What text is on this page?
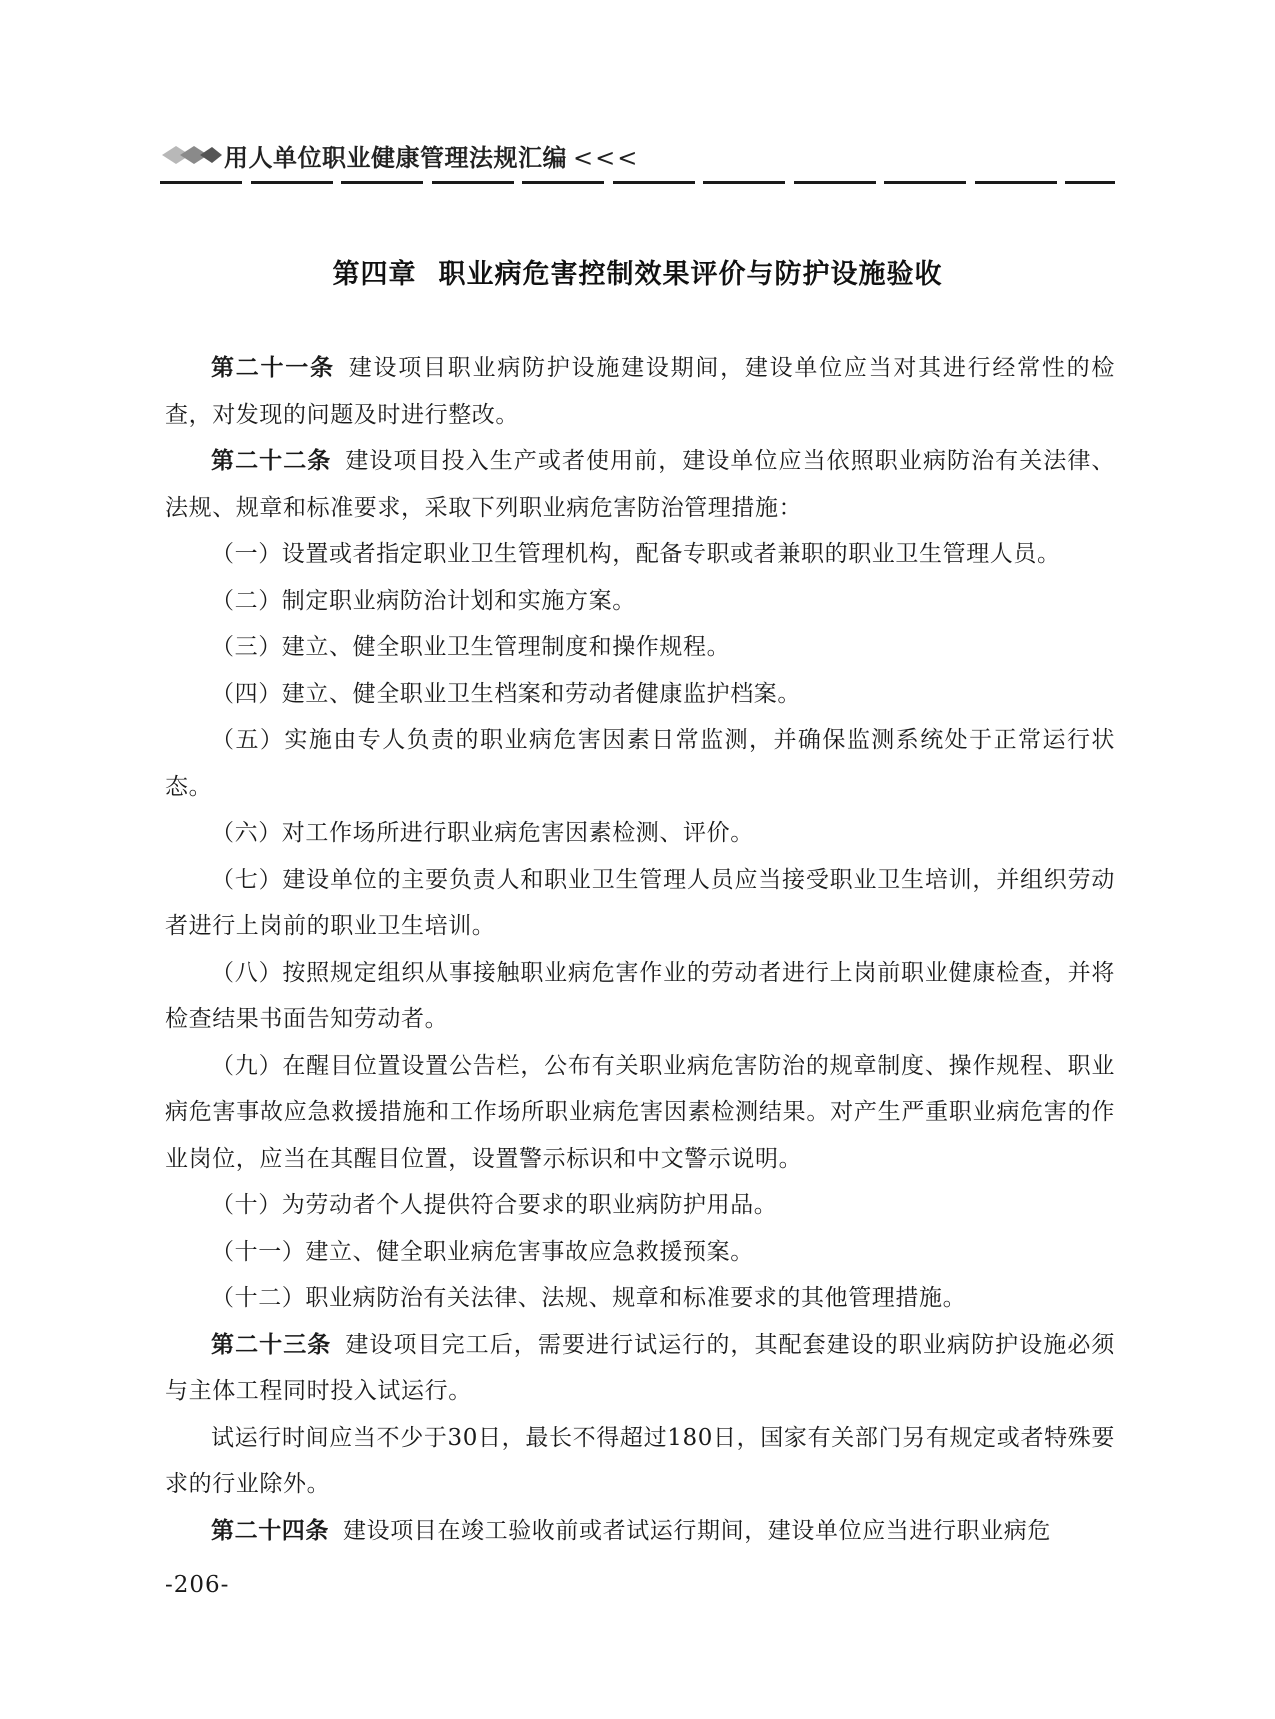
用人单位职业健康管理法规汇编 <<<
第四章 职业病危害控制效果评价与防护设施验收

第二十一条 建设项目职业病防护设施建设期间，建设单位应当对其进行经常性的检查，对发现的问题及时进行整改。

第二十二条 建设项目投入生产或者使用前，建设单位应当依照职业病防治有关法律、法规、规章和标准要求，采取下列职业病危害防治管理措施：

（一）设置或者指定职业卫生管理机构，配备专职或者兼职的职业卫生管理人员。

（二）制定职业病防治计划和实施方案。

（三）建立、健全职业卫生管理制度和操作规程。

（四）建立、健全职业卫生档案和劳动者健康监护档案。

（五）实施由专人负责的职业病危害因素日常监测，并确保监测系统处于正常运行状态。

（六）对工作场所进行职业病危害因素检测、评价。

（七）建设单位的主要负责人和职业卫生管理人员应当接受职业卫生培训，并组织劳动者进行上岗前的职业卫生培训。

（八）按照规定组织从事接触职业病危害作业的劳动者进行上岗前职业健康检查，并将检查结果书面告知劳动者。

（九）在醒目位置设置公告栏，公布有关职业病危害防治的规章制度、操作规程、职业病危害事故应急救援措施和工作场所职业病危害因素检测结果。对产生严重职业病危害的作业岗位，应当在其醒目位置，设置警示标识和中文警示说明。

（十）为劳动者个人提供符合要求的职业病防护用品。

（十一）建立、健全职业病危害事故应急救援预案。

（十二）职业病防治有关法律、法规、规章和标准要求的其他管理措施。

第二十三条 建设项目完工后，需要进行试运行的，其配套建设的职业病防护设施必须与主体工程同时投入试运行。

试运行时间应当不少于30日，最长不得超过180日，国家有关部门另有规定或者特殊要求的行业除外。

第二十四条 建设项目在竣工验收前或者试运行期间，建设单位应当进行职业病危

-206-
